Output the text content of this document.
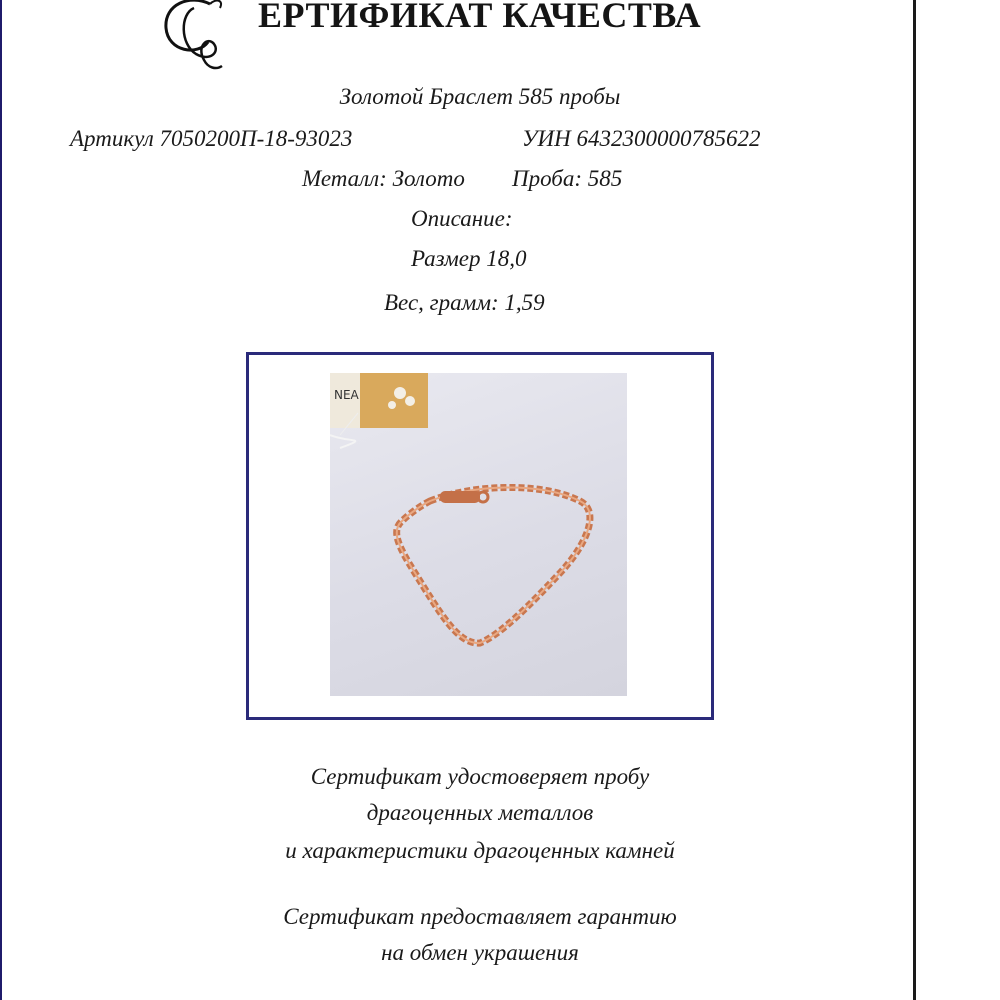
ЕРТИФИКАТ КАЧЕСТВА
Золотой Браслет 585 пробы
Артикул 7050200П-18-93023	УИН 6432300000785622
Металл: Золото Проба: 585
Описание:
Размер 18,0
Вес, грамм: 1,59
NEA
Сертификат удостоверяет пробу
драгоценных металлов
и характеристики драгоценных камней
Сертификат предоставляет гарантию
на обмен украшения
